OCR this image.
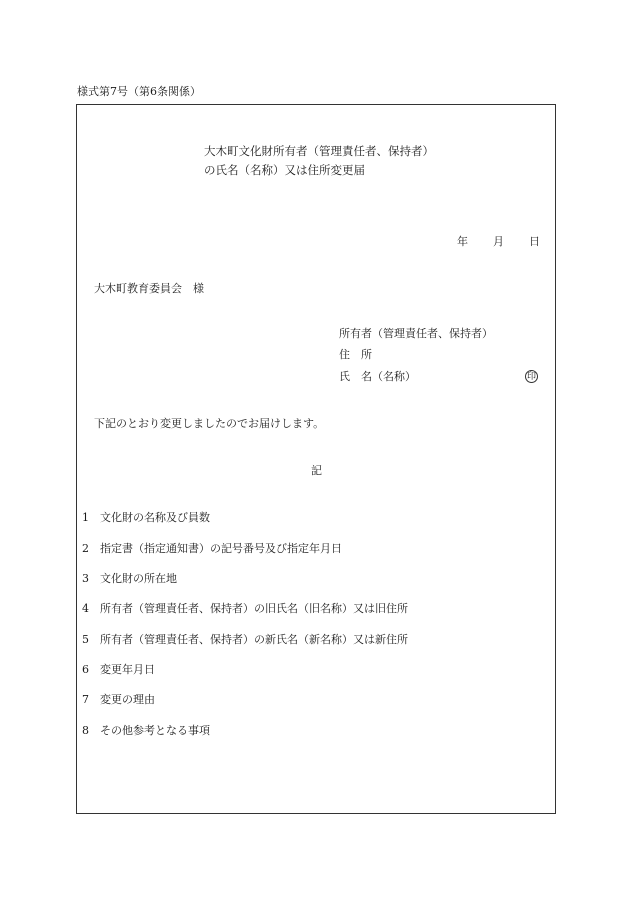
様式第7号（第6条関係）
大木町文化財所有者（管理責任者、保持者）
の氏名（名称）又は住所変更届
年 月 日
大木町教育委員会　様
所有者（管理責任者、保持者）
住　所
氏　名（名称）	印
下記のとおり変更しましたのでお届けします。
記
1 文化財の名称及び員数
2 指定書（指定通知書）の記号番号及び指定年月日
3 文化財の所在地
4 所有者（管理責任者、保持者）の旧氏名（旧名称）又は旧住所
5 所有者（管理責任者、保持者）の新氏名（新名称）又は新住所
6 変更年月日
7 変更の理由
8 その他参考となる事項
